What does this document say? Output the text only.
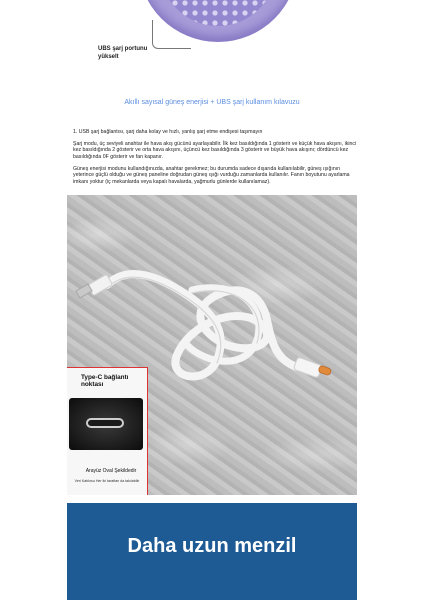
UBS şarj portunu yükselt
Akıllı sayısal güneş enerjisi + UBS şarj kullanım kılavuzu
1. USB şarj bağlantısı, şarj daha kolay ve hızlı, yanlış şarj etme endişesi taşımayın
Şarj modu, üç seviyeli anahtar ile hava akış gücünü ayarlayabilir. İlk kez basıldığında 1 gösterir ve küçük hava akışını, ikinci kez basıldığında 2 gösterir ve orta hava akışını, üçüncü kez basıldığında 3 gösterir ve büyük hava akışını; dördüncü kez basıldığında 0F gösterir ve fan kapanır.
Güneş enerjisi modunu kullandığınızda, anahtar gerekmez; bu durumda sadece dışarıda kullanılabilir, güneş ışığının yeterince güçlü olduğu ve güneş paneline doğrudan güneş ışığı vurduğu zamanlarda kullanılır. Fanın boyutunu ayarlama imkanı yoktur (iç mekanlarda veya kapalı havalarda, yağmurlu günlerde kullanılamaz).
Type-C bağlantı noktası
Arayüz Oval Şekildedir
Veri Kablosu Her iki taraftan da takılabilir
Daha uzun menzil
